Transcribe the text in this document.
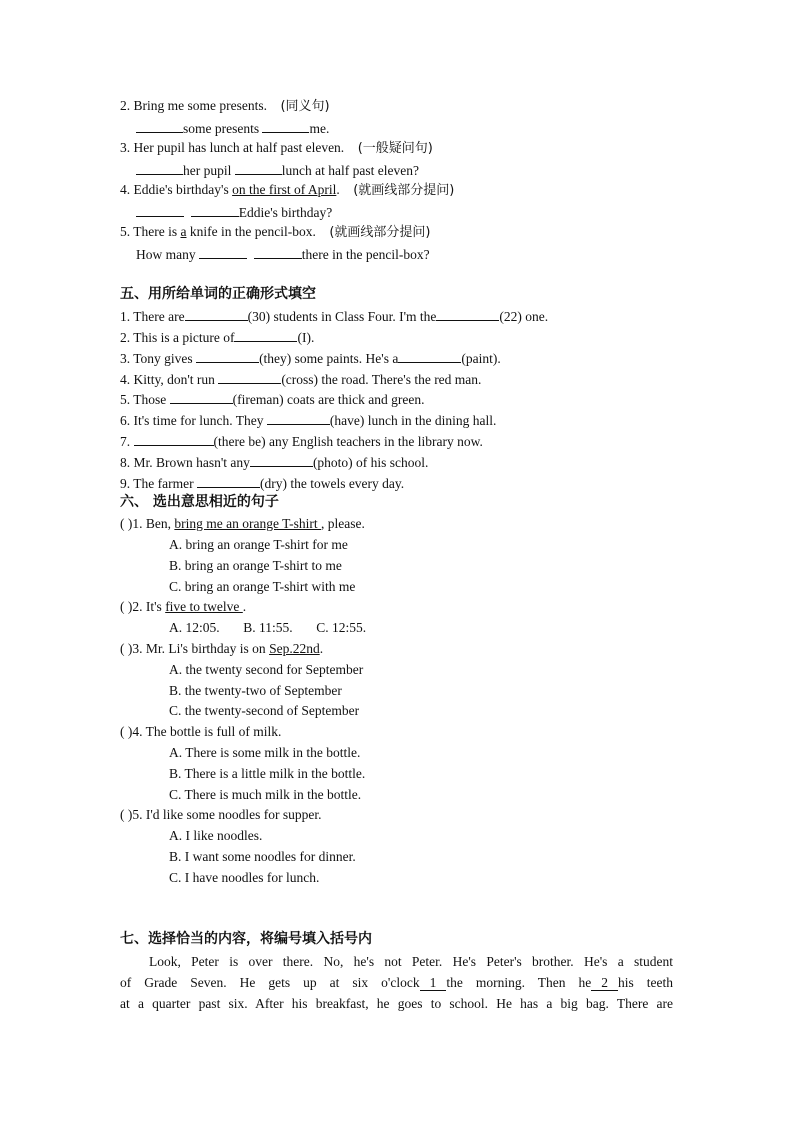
2. Bring me some presents. (同义句)
some presents	me.
3. Her pupil has lunch at half past eleven. (一般疑问句)
her pupil	lunch at half past eleven?
4. Eddie's birthday's on the first of April. (就画线部分提问)
Eddie's birthday?
5. There is a knife in the pencil-box. (就画线部分提问)
How many	there in the pencil-box?
五、用所给单词的正确形式填空
1. There are	(30) students in Class Four. I'm the	(22) one.
2. This is a picture of	(I).
3. Tony gives	(they) some paints. He's a	(paint).
4. Kitty, don't run	(cross) the road. There's the red man.
5. Those	(fireman) coats are thick and green.
6. It's time for lunch. They	(have) lunch in the dining hall.
7.	(there be) any English teachers in the library now.
8. Mr. Brown hasn't any	(photo) of his school.
9. The farmer	(dry) the towels every day.
六、 选出意思相近的句子
( )1. Ben, bring me an orange T-shirt , please.
A. bring an orange T-shirt for me
B. bring an orange T-shirt to me
C. bring an orange T-shirt with me
( )2. It's five to twelve .
A. 12:05. B. 11:55. C. 12:55.
( )3. Mr. Li's birthday is on Sep.22nd.
A. the twenty second for September
B. the twenty-two of September
C. the twenty-second of September
( )4. The bottle is full of milk.
A. There is some milk in the bottle.
B. There is a little milk in the bottle.
C. There is much milk in the bottle.
( )5. I'd like some noodles for supper.
A. I like noodles.
B. I want some noodles for dinner.
C. I have noodles for lunch.
七、选择恰当的内容，将编号填入括号内
Look, Peter is over there. No, he's not Peter. He's Peter's brother. He's a student
of Grade Seven. He gets up at six o'clock 1 the morning. Then he 2 his teeth
at a quarter past six. After his breakfast, he goes to school. He has a big bag. There are
